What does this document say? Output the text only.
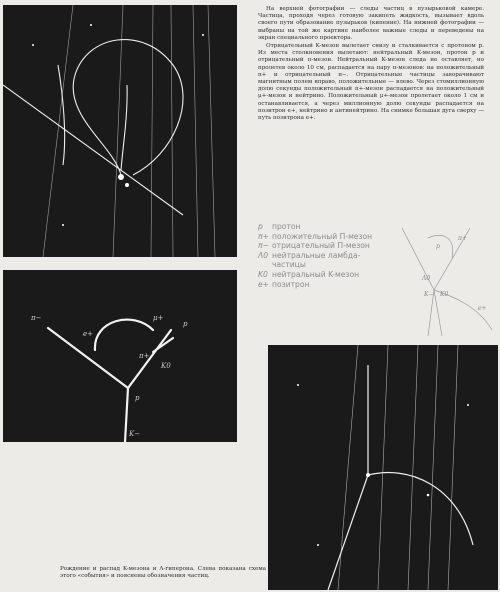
На верхней фотографии — следы частиц в пузырьковой камере. Частица, проходя через готовую закипеть жидкость, вызывает вдоль своего пути образование пузырьков (кипение). На нижней фотографии — выбраны на той же картине наиболее важные следы и переведены на экран специального проектора.

Отрицательный K-мезон вылетает снизу и сталкивается с протоном p. Из места столкновения вылетают: нейтральный K-мезон, протон p и отрицательный π-мезон. Нейтральный K-мезон следа не оставляет, но пролетев около 10 см, распадается на пару π-мезонов: на положительный π+ и отрицательный π−. Отрицательные частицы заворачивают магнитным полем вправо, положительные — влево. Через стомиллионную долю секунды положительный π+-мезон распадается на положительный μ+-мезон и нейтрино. Положительный μ+-мезон пролетает около 1 см и останавливается, а через миллионную долю секунды распадается на позитрон e+, нейтрино и антинейтрино. На снимке большая дуга сверху — путь позитрона e+.

p	протон
π+ положительный П-мезон
π− отрицательный П-мезон
Λ0 нейтральные ламбда-частицы
K0 нейтральный K-мезон
e+ позитрон
p
π+
Λ0
K− K0
e+
π−
e+
μ+
p
π+
K0
p
K−

Рождение и распад K-мезона и Λ-гиперона. Слева показана схема этого «события» и пояснены обозначения частиц.
